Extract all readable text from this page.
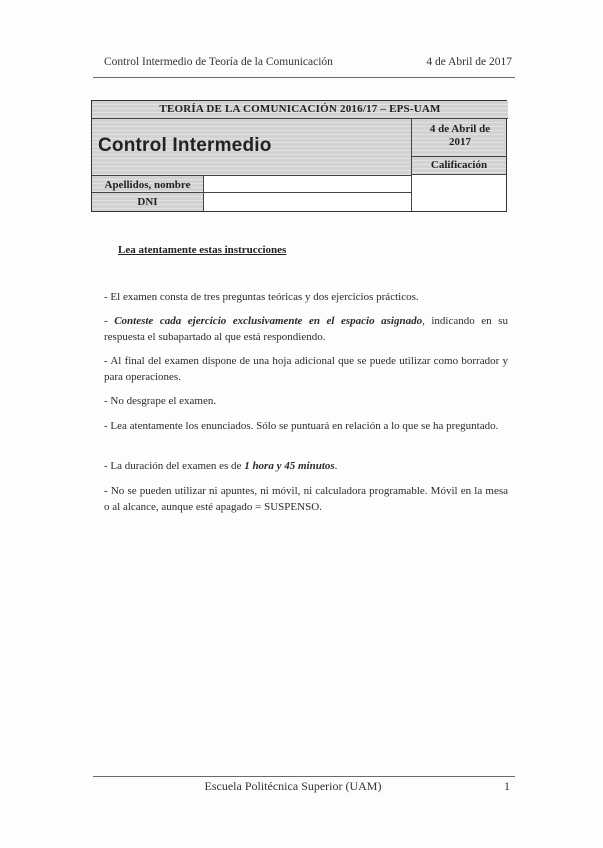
Control Intermedio de Teoría de la Comunicación	4 de Abril de 2017
TEORÍA DE LA COMUNICACIÓN 2016/17 – EPS-UAM
Control Intermedio
4 de Abril de 2017
Calificación
Apellidos, nombre
DNI
Lea atentamente estas instrucciones
- El examen consta de tres preguntas teóricas y dos ejercicios prácticos.
- Conteste cada ejercicio exclusivamente en el espacio asignado, indicando en su respuesta el subapartado al que está respondiendo.
- Al final del examen dispone de una hoja adicional que se puede utilizar como borrador y para operaciones.
- No desgrape el examen.
- Lea atentamente los enunciados. Sólo se puntuará en relación a lo que se ha preguntado.
- La duración del examen es de 1 hora y 45 minutos.
- No se pueden utilizar ni apuntes, ni móvil, ni calculadora programable. Móvil en la mesa o al alcance, aunque esté apagado = SUSPENSO.
Escuela Politécnica Superior (UAM)	1
